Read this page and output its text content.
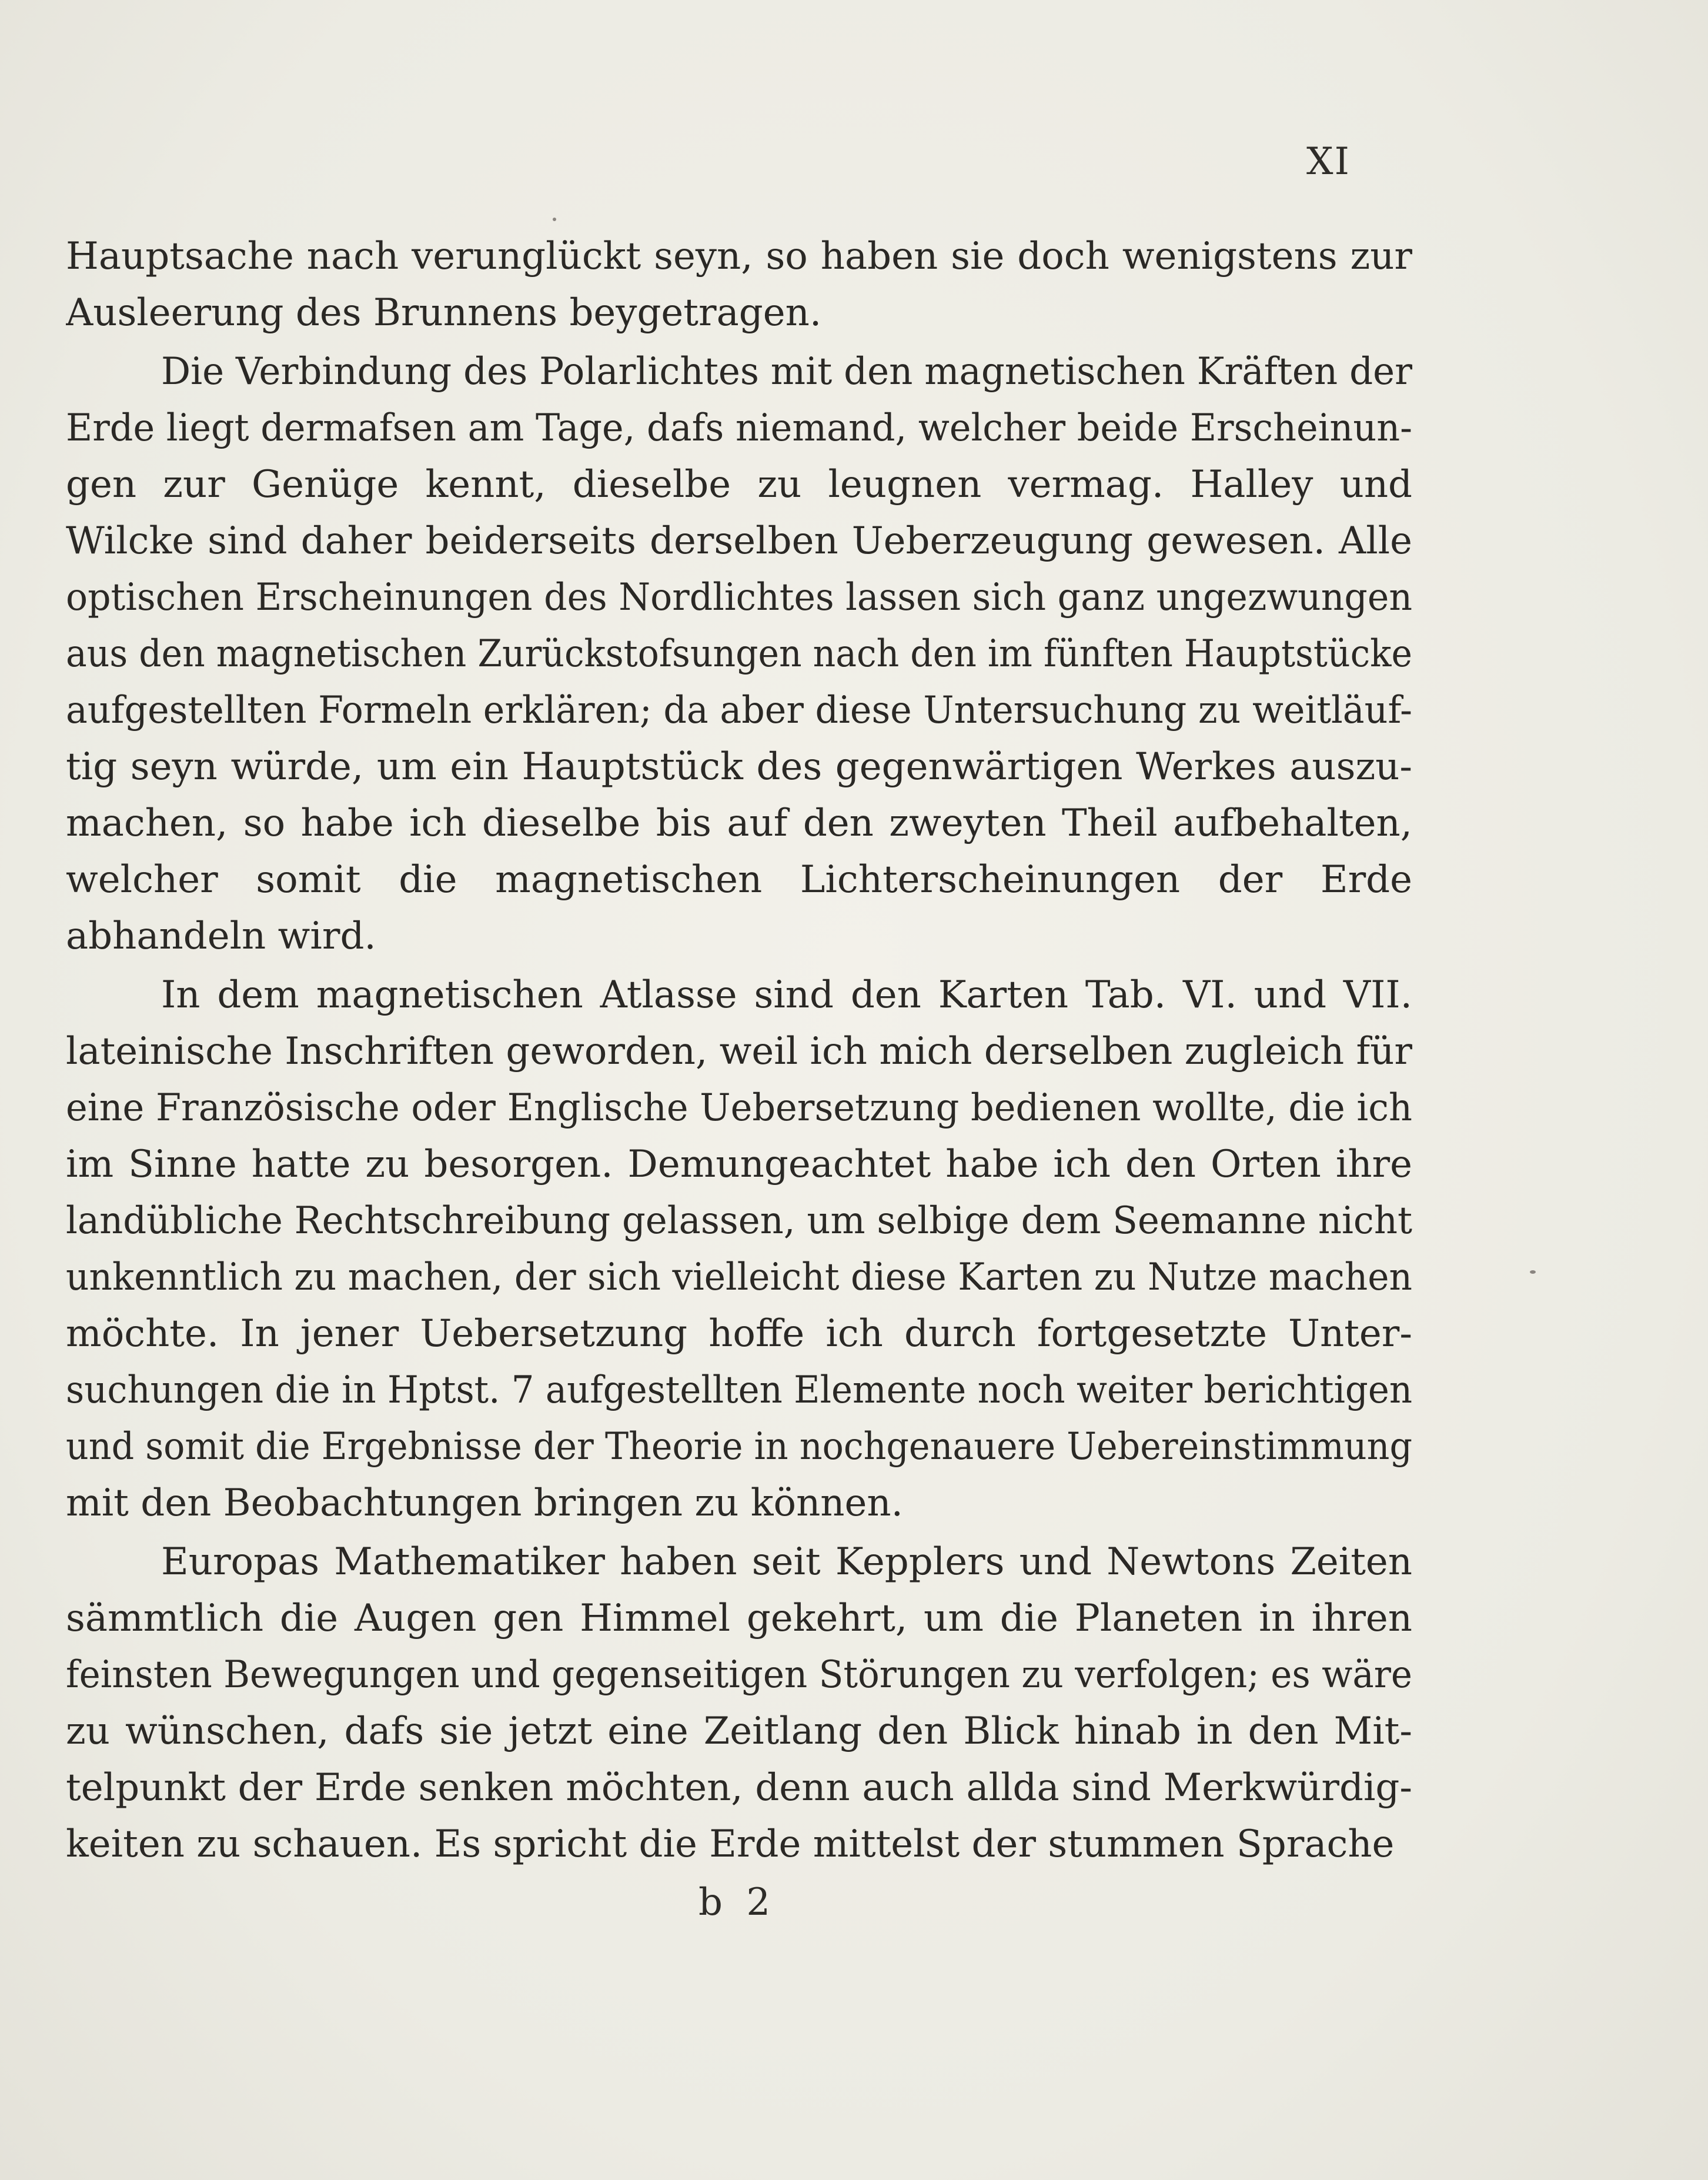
XI
Hauptsache nach verunglückt seyn, so haben sie doch wenigstens zur
Ausleerung des Brunnens beygetragen.
Die Verbindung des Polarlichtes mit den magnetischen Kräften der
Erde liegt dermafsen am Tage, dafs niemand, welcher beide Erscheinun-
gen zur Genüge kennt, dieselbe zu leugnen vermag. Halley und
Wilcke sind daher beiderseits derselben Ueberzeugung gewesen. Alle
optischen Erscheinungen des Nordlichtes lassen sich ganz ungezwungen
aus den magnetischen Zurückstofsungen nach den im fünften Hauptstücke
aufgestellten Formeln erklären; da aber diese Untersuchung zu weitläuf-
tig seyn würde, um ein Hauptstück des gegenwärtigen Werkes auszu-
machen, so habe ich dieselbe bis auf den zweyten Theil aufbehalten,
welcher somit die magnetischen Lichterscheinungen der Erde
abhandeln wird.
In dem magnetischen Atlasse sind den Karten Tab. VI. und VII.
lateinische Inschriften geworden, weil ich mich derselben zugleich für
eine Französische oder Englische Uebersetzung bedienen wollte, die ich
im Sinne hatte zu besorgen. Demungeachtet habe ich den Orten ihre
landübliche Rechtschreibung gelassen, um selbige dem Seemanne nicht
unkenntlich zu machen, der sich vielleicht diese Karten zu Nutze machen
möchte. In jener Uebersetzung hoffe ich durch fortgesetzte Unter-
suchungen die in Hptst. 7 aufgestellten Elemente noch weiter berichtigen
und somit die Ergebnisse der Theorie in nochgenauere Uebereinstimmung
mit den Beobachtungen bringen zu können.
Europas Mathematiker haben seit Kepplers und Newtons Zeiten
sämmtlich die Augen gen Himmel gekehrt, um die Planeten in ihren
feinsten Bewegungen und gegenseitigen Störungen zu verfolgen; es wäre
zu wünschen, dafs sie jetzt eine Zeitlang den Blick hinab in den Mit-
telpunkt der Erde senken möchten, denn auch allda sind Merkwürdig-
keiten zu schauen. Es spricht die Erde mittelst der stummen Sprache
b 2
